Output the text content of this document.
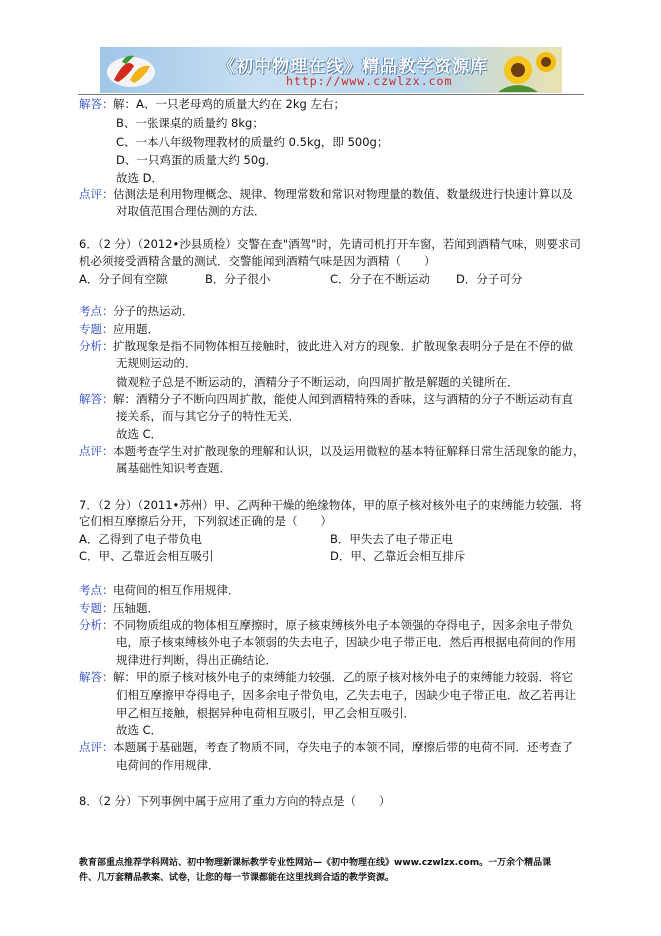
《初中物理在线》精品教学资源库
http://www.czwlzx.com
解答：解：A、一只老母鸡的质量大约在 2kg 左右；
B、一张课桌的质量约 8kg；
C、一本八年级物理教材的质量约 0.5kg，即 500g；
D、一只鸡蛋的质量大约 50g．
故选 D．
点评：估测法是利用物理概念、规律、物理常数和常识对物理量的数值、数量级进行快速计算以及
对取值范围合理估测的方法．
6．（2 分）（2012•沙县质检）交警在查"酒驾"时，先请司机打开车窗，若闻到酒精气味，则要求司
机必须接受酒精含量的测试．交警能闻到酒精气味是因为酒精（　　）
A．分子间有空隙	B．分子很小	C．分子在不断运动 D．分子可分
考点：分子的热运动．
专题：应用题．
分析：扩散现象是指不同物体相互接触时，彼此进入对方的现象．扩散现象表明分子是在不停的做
无规则运动的．
微观粒子总是不断运动的，酒精分子不断运动，向四周扩散是解题的关键所在．
解答：解：酒精分子不断向四周扩散，能使人闻到酒精特殊的香味，这与酒精的分子不断运动有直
接关系，而与其它分子的特性无关．
故选 C．
点评：本题考查学生对扩散现象的理解和认识，以及运用微粒的基本特征解释日常生活现象的能力，
属基础性知识考查题．
7．（2 分）（2011•苏州）甲、乙两种干燥的绝缘物体，甲的原子核对核外电子的束缚能力较强．将
它们相互摩擦后分开，下列叙述正确的是（　　）
A．乙得到了电子带负电	B．甲失去了电子带正电
C．甲、乙靠近会相互吸引	D．甲、乙靠近会相互排斥
考点：电荷间的相互作用规律．
专题：压轴题．
分析：不同物质组成的物体相互摩擦时，原子核束缚核外电子本领强的夺得电子，因多余电子带负
电，原子核束缚核外电子本领弱的失去电子，因缺少电子带正电．然后再根据电荷间的作用
规律进行判断，得出正确结论．
解答：解：甲的原子核对核外电子的束缚能力较强．乙的原子核对核外电子的束缚能力较弱．将它
们相互摩擦甲夺得电子，因多余电子带负电，乙失去电子，因缺少电子带正电．故乙若再让
甲乙相互接触，根据异种电荷相互吸引，甲乙会相互吸引．
故选 C．
点评：本题属于基础题，考查了物质不同，夺失电子的本领不同，摩擦后带的电荷不同．还考查了
电荷间的作用规律．
8．（2 分）下列事例中属于应用了重力方向的特点是（　　）
教育部重点推荐学科网站、初中物理新课标教学专业性网站—《初中物理在线》www.czwlzx.com。一万余个精品课
件、几万套精品教案、试卷，让您的每一节课都能在这里找到合适的教学资源。
